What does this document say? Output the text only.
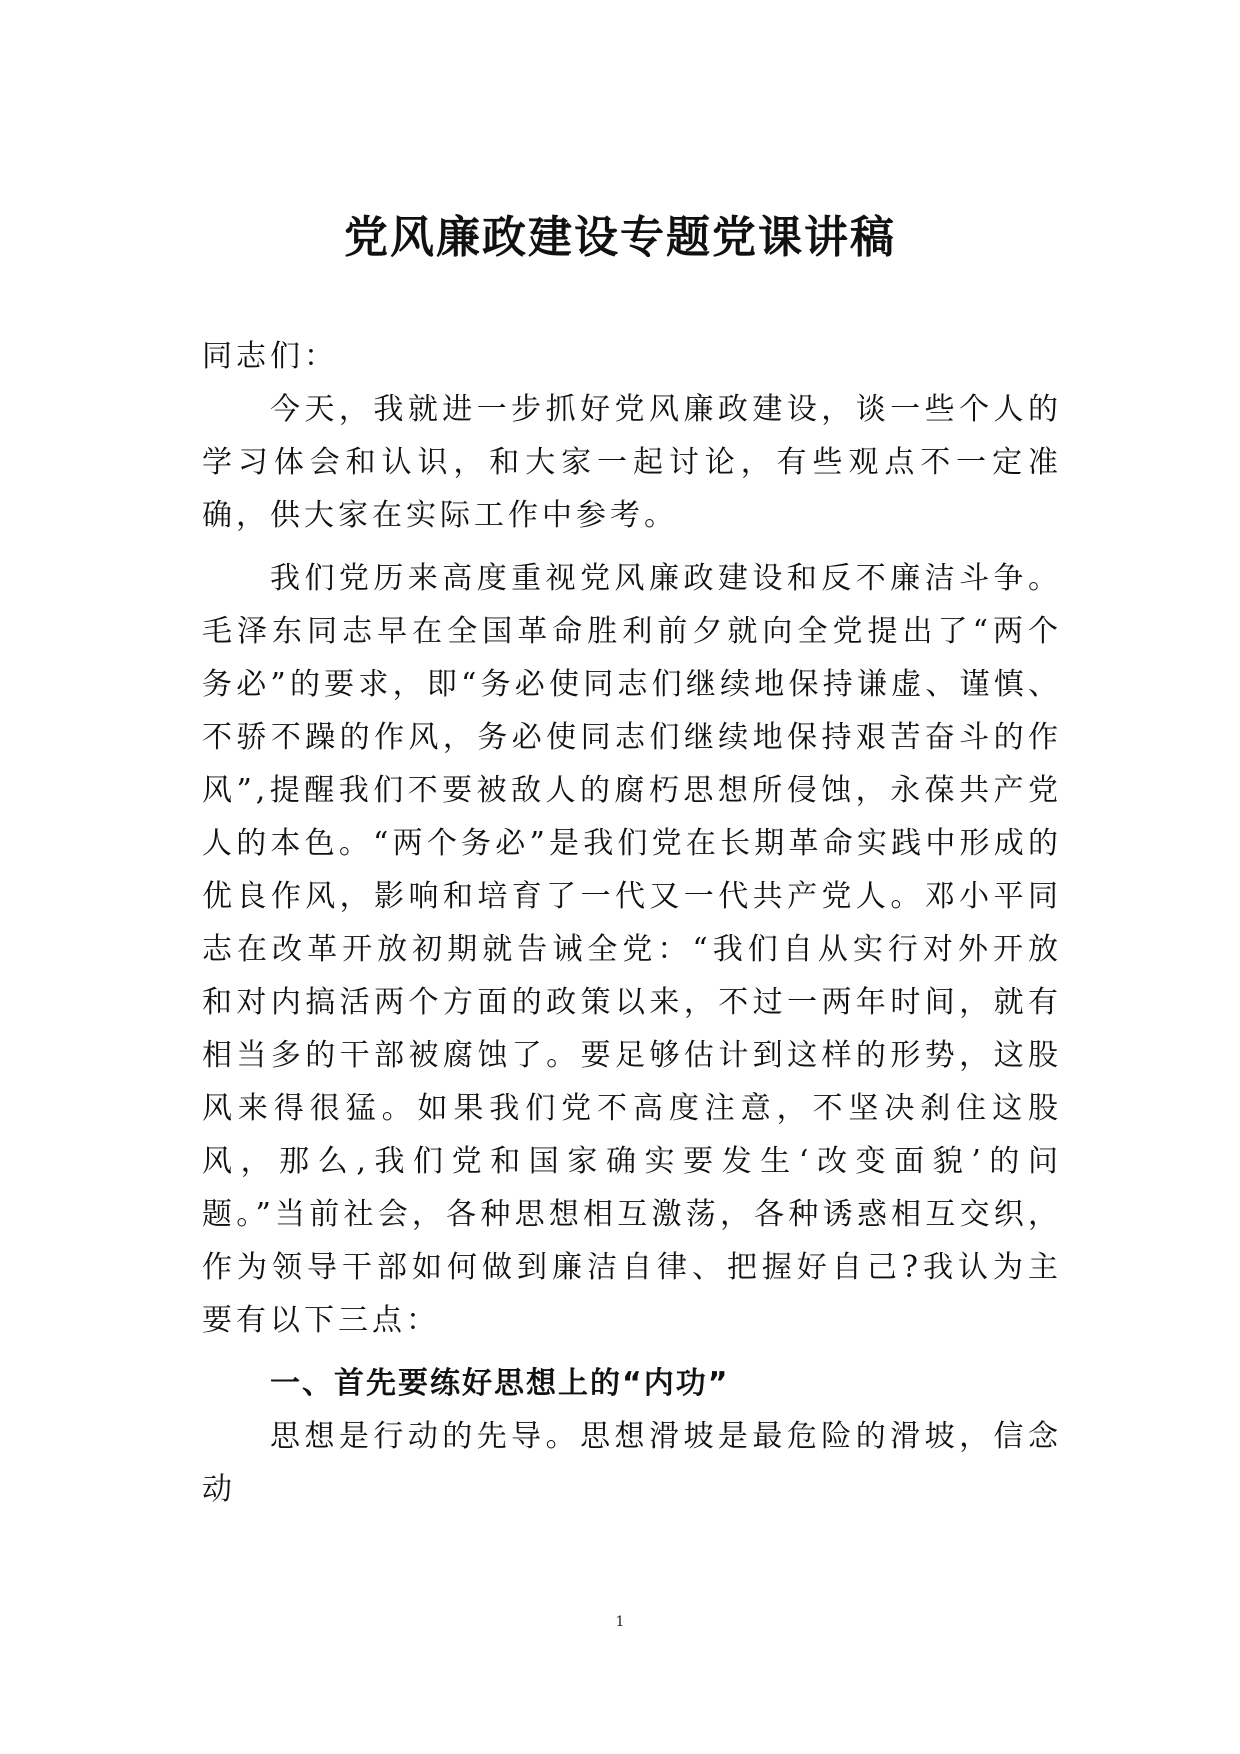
党风廉政建设专题党课讲稿

同志们：

今天，我就进一步抓好党风廉政建设，谈一些个人的学习体会和认识，和大家一起讨论，有些观点不一定准确，供大家在实际工作中参考。

我们党历来高度重视党风廉政建设和反不廉洁斗争。毛泽东同志早在全国革命胜利前夕就向全党提出了“两个务必”的要求，即“务必使同志们继续地保持谦虚、谨慎、不骄不躁的作风，务必使同志们继续地保持艰苦奋斗的作风”,提醒我们不要被敌人的腐朽思想所侵蚀，永葆共产党人的本色。“两个务必”是我们党在长期革命实践中形成的优良作风，影响和培育了一代又一代共产党人。邓小平同志在改革开放初期就告诫全党：“我们自从实行对外开放和对内搞活两个方面的政策以来，不过一两年时间，就有相当多的干部被腐蚀了。要足够估计到这样的形势，这股风来得很猛。如果我们党不高度注意，不坚决刹住这股风，那么,我们党和国家确实要发生‘改变面貌’的问题。”当前社会，各种思想相互激荡，各种诱惑相互交织，作为领导干部如何做到廉洁自律、把握好自己?我认为主要有以下三点：

一、首先要练好思想上的“内功”

思想是行动的先导。思想滑坡是最危险的滑坡，信念动

1
